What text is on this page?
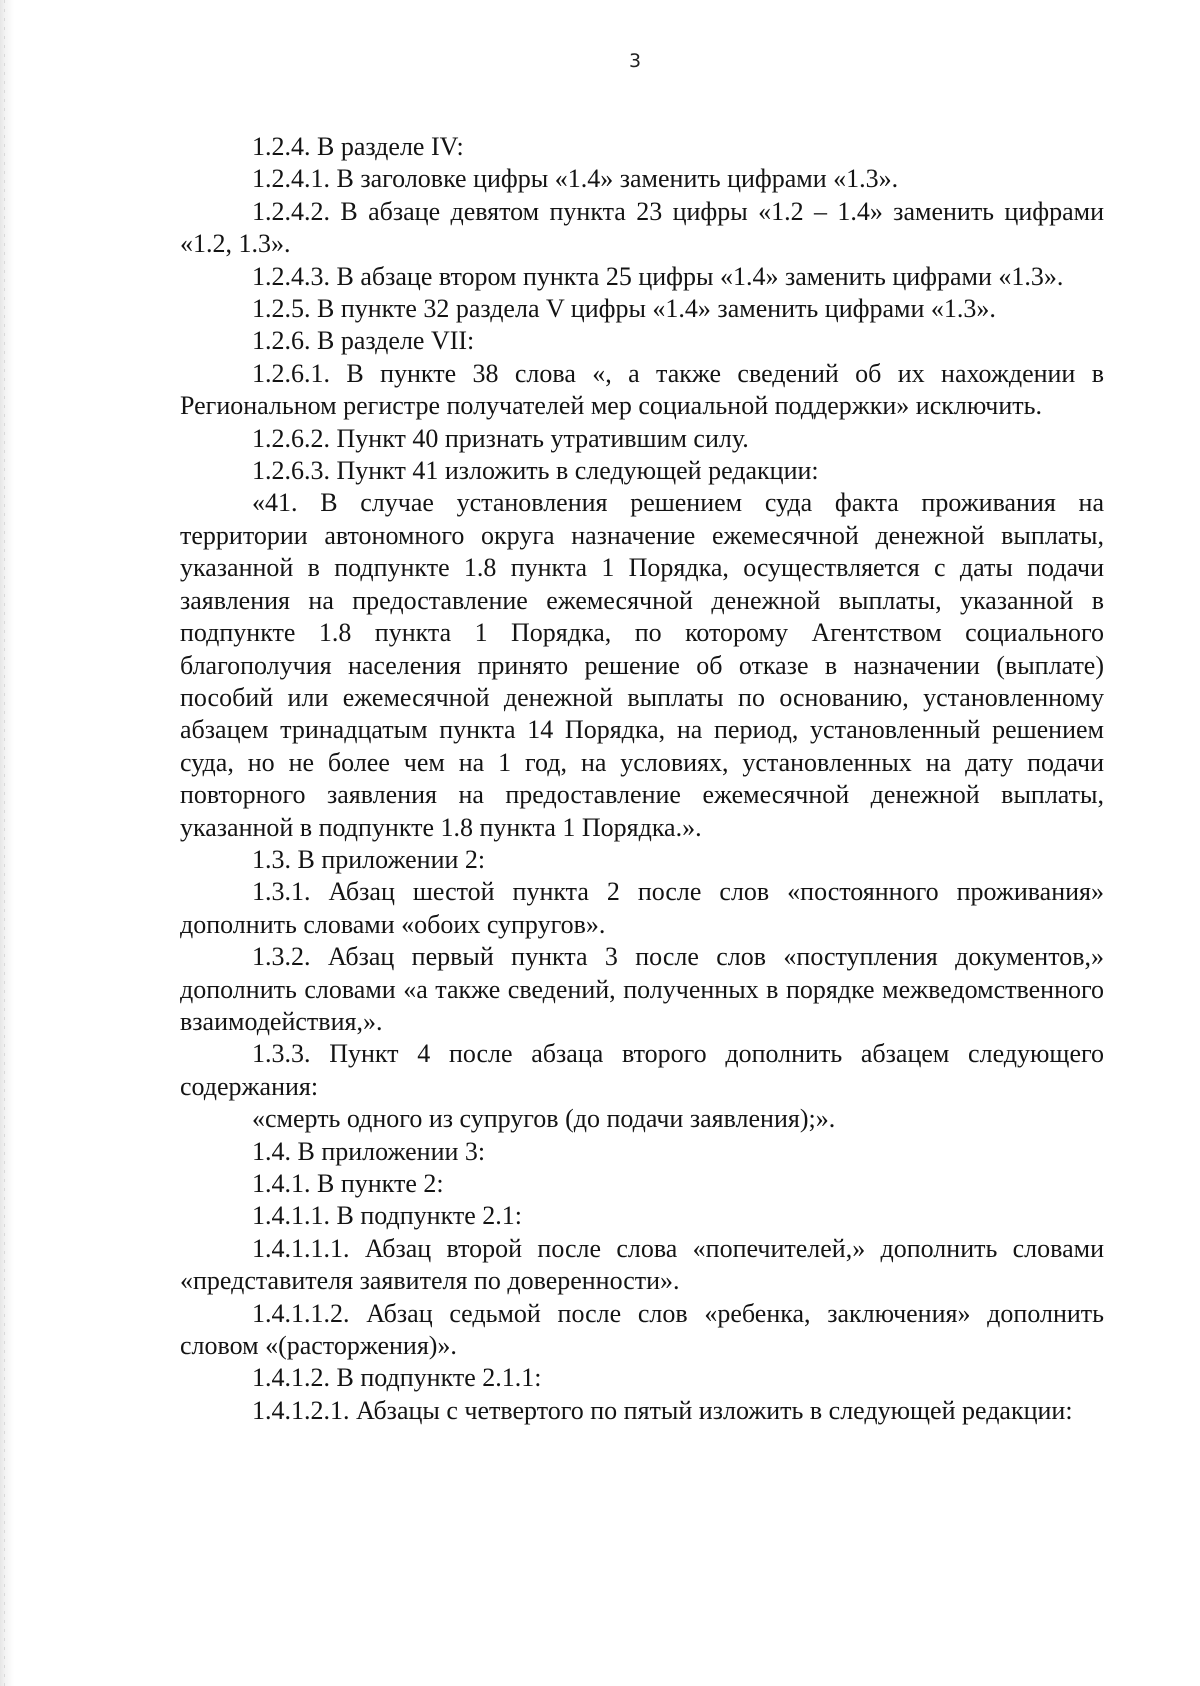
3

1.2.4. В разделе IV:

1.2.4.1. В заголовке цифры «1.4» заменить цифрами «1.3».

1.2.4.2. В абзаце девятом пункта 23 цифры «1.2 – 1.4» заменить цифрами «1.2, 1.3».

1.2.4.3. В абзаце втором пункта 25 цифры «1.4» заменить цифрами «1.3».

1.2.5. В пункте 32 раздела V цифры «1.4» заменить цифрами «1.3».

1.2.6. В разделе VII:

1.2.6.1. В пункте 38 слова «, а также сведений об их нахождении в Региональном регистре получателей мер социальной поддержки» исключить.

1.2.6.2. Пункт 40 признать утратившим силу.

1.2.6.3. Пункт 41 изложить в следующей редакции:

«41. В случае установления решением суда факта проживания на территории автономного округа назначение ежемесячной денежной выплаты, указанной в подпункте 1.8 пункта 1 Порядка, осуществляется с даты подачи заявления на предоставление ежемесячной денежной выплаты, указанной в подпункте 1.8 пункта 1 Порядка, по которому Агентством социального благополучия населения принято решение об отказе в назначении (выплате) пособий или ежемесячной денежной выплаты по основанию, установленному абзацем тринадцатым пункта 14 Порядка, на период, установленный решением суда, но не более чем на 1 год, на условиях, установленных на дату подачи повторного заявления на предоставление ежемесячной денежной выплаты, указанной в подпункте 1.8 пункта 1 Порядка.».

1.3. В приложении 2:

1.3.1. Абзац шестой пункта 2 после слов «постоянного проживания» дополнить словами «обоих супругов».

1.3.2. Абзац первый пункта 3 после слов «поступления документов,» дополнить словами «а также сведений, полученных в порядке межведомственного взаимодействия,».

1.3.3. Пункт 4 после абзаца второго дополнить абзацем следующего содержания:

«смерть одного из супругов (до подачи заявления);».

1.4. В приложении 3:

1.4.1. В пункте 2:

1.4.1.1. В подпункте 2.1:

1.4.1.1.1. Абзац второй после слова «попечителей,» дополнить словами «представителя заявителя по доверенности».

1.4.1.1.2. Абзац седьмой после слов «ребенка, заключения» дополнить словом «(расторжения)».

1.4.1.2. В подпункте 2.1.1:

1.4.1.2.1. Абзацы с четвертого по пятый изложить в следующей редакции:
